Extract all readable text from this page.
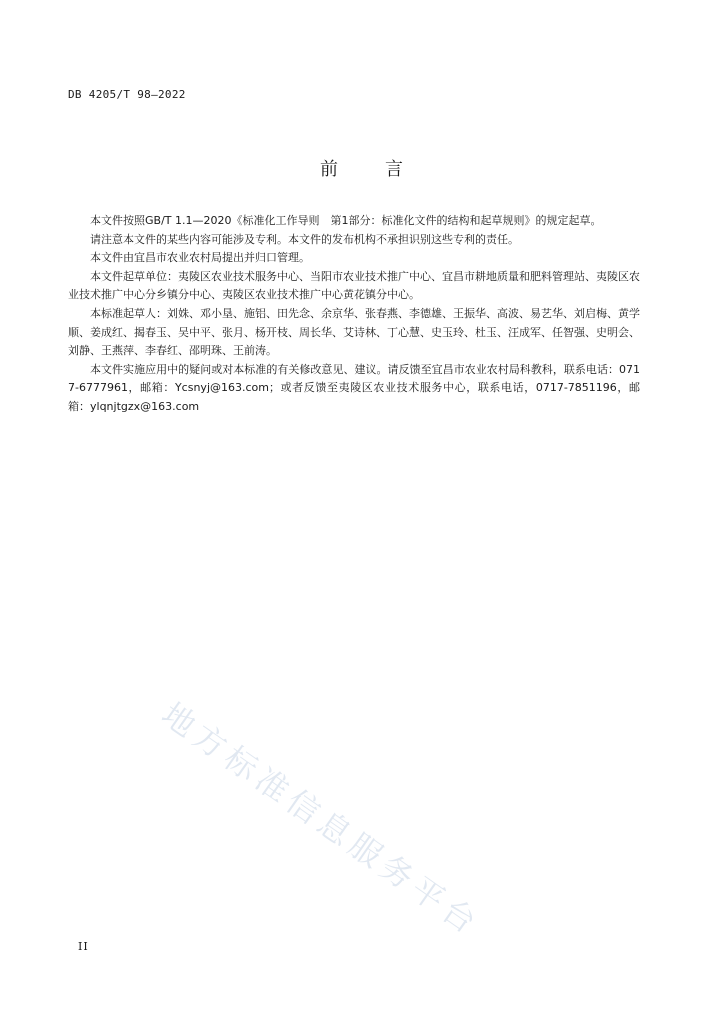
DB 4205/T 98—2022
前	言

本文件按照GB/T 1.1—2020《标准化工作导则　第1部分：标准化文件的结构和起草规则》的规定起草。

请注意本文件的某些内容可能涉及专利。本文件的发布机构不承担识别这些专利的责任。

本文件由宜昌市农业农村局提出并归口管理。

本文件起草单位：夷陵区农业技术服务中心、当阳市农业技术推广中心、宜昌市耕地质量和肥料管理站、夷陵区农业技术推广中心分乡镇分中心、夷陵区农业技术推广中心黄花镇分中心。

本标准起草人：刘姝、邓小垦、施铝、田先念、余京华、张春燕、李德雄、王振华、高波、易艺华、刘启梅、黄学顺、姜成红、揭春玉、吴中平、张月、杨开枝、周长华、艾诗林、丁心慧、史玉玲、杜玉、汪成军、任智强、史明会、刘静、王燕萍、李春红、邵明珠、王前涛。

本文件实施应用中的疑问或对本标准的有关修改意见、建议。请反馈至宜昌市农业农村局科教科，联系电话：0717-6777961，邮箱：Ycsnyj@163.com；或者反馈至夷陵区农业技术服务中心，联系电话，0717-7851196，邮箱：ylqnjtgzx@163.com

地方标准信息服务平台
II
